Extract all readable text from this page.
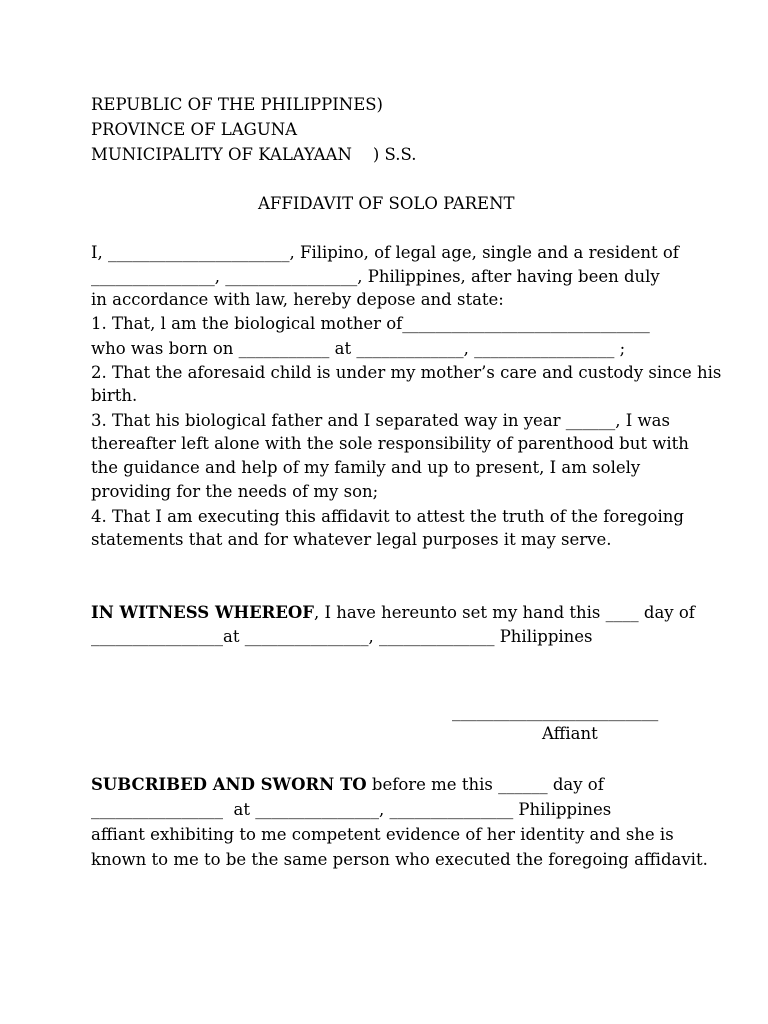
REPUBLIC OF THE PHILIPPINES)
PROVINCE OF LAGUNA
MUNICIPALITY OF KALAYAAN    ) S.S.
AFFIDAVIT OF SOLO PARENT
I, ______________________, Filipino, of legal age, single and a resident of
_______________, ________________, Philippines, after having been duly
in accordance with law, hereby depose and state:
1. That, l am the biological mother of______________________________
who was born on ___________ at _____________, _________________ ;
2. That the aforesaid child is under my mother’s care and custody since his
birth.
3. That his biological father and I separated way in year ______, I was
thereafter left alone with the sole responsibility of parenthood but with
the guidance and help of my family and up to present, I am solely
providing for the needs of my son;
4. That I am executing this affidavit to attest the truth of the foregoing
statements that and for whatever legal purposes it may serve.
IN WITNESS WHEREOF, I have hereunto set my hand this ____ day of
________________at _______________, ______________ Philippines
_________________________
Affiant
SUBCRIBED AND SWORN TO before me this ______ day of
________________  at _______________, _______________ Philippines
affiant exhibiting to me competent evidence of her identity and she is
known to me to be the same person who executed the foregoing affidavit.
